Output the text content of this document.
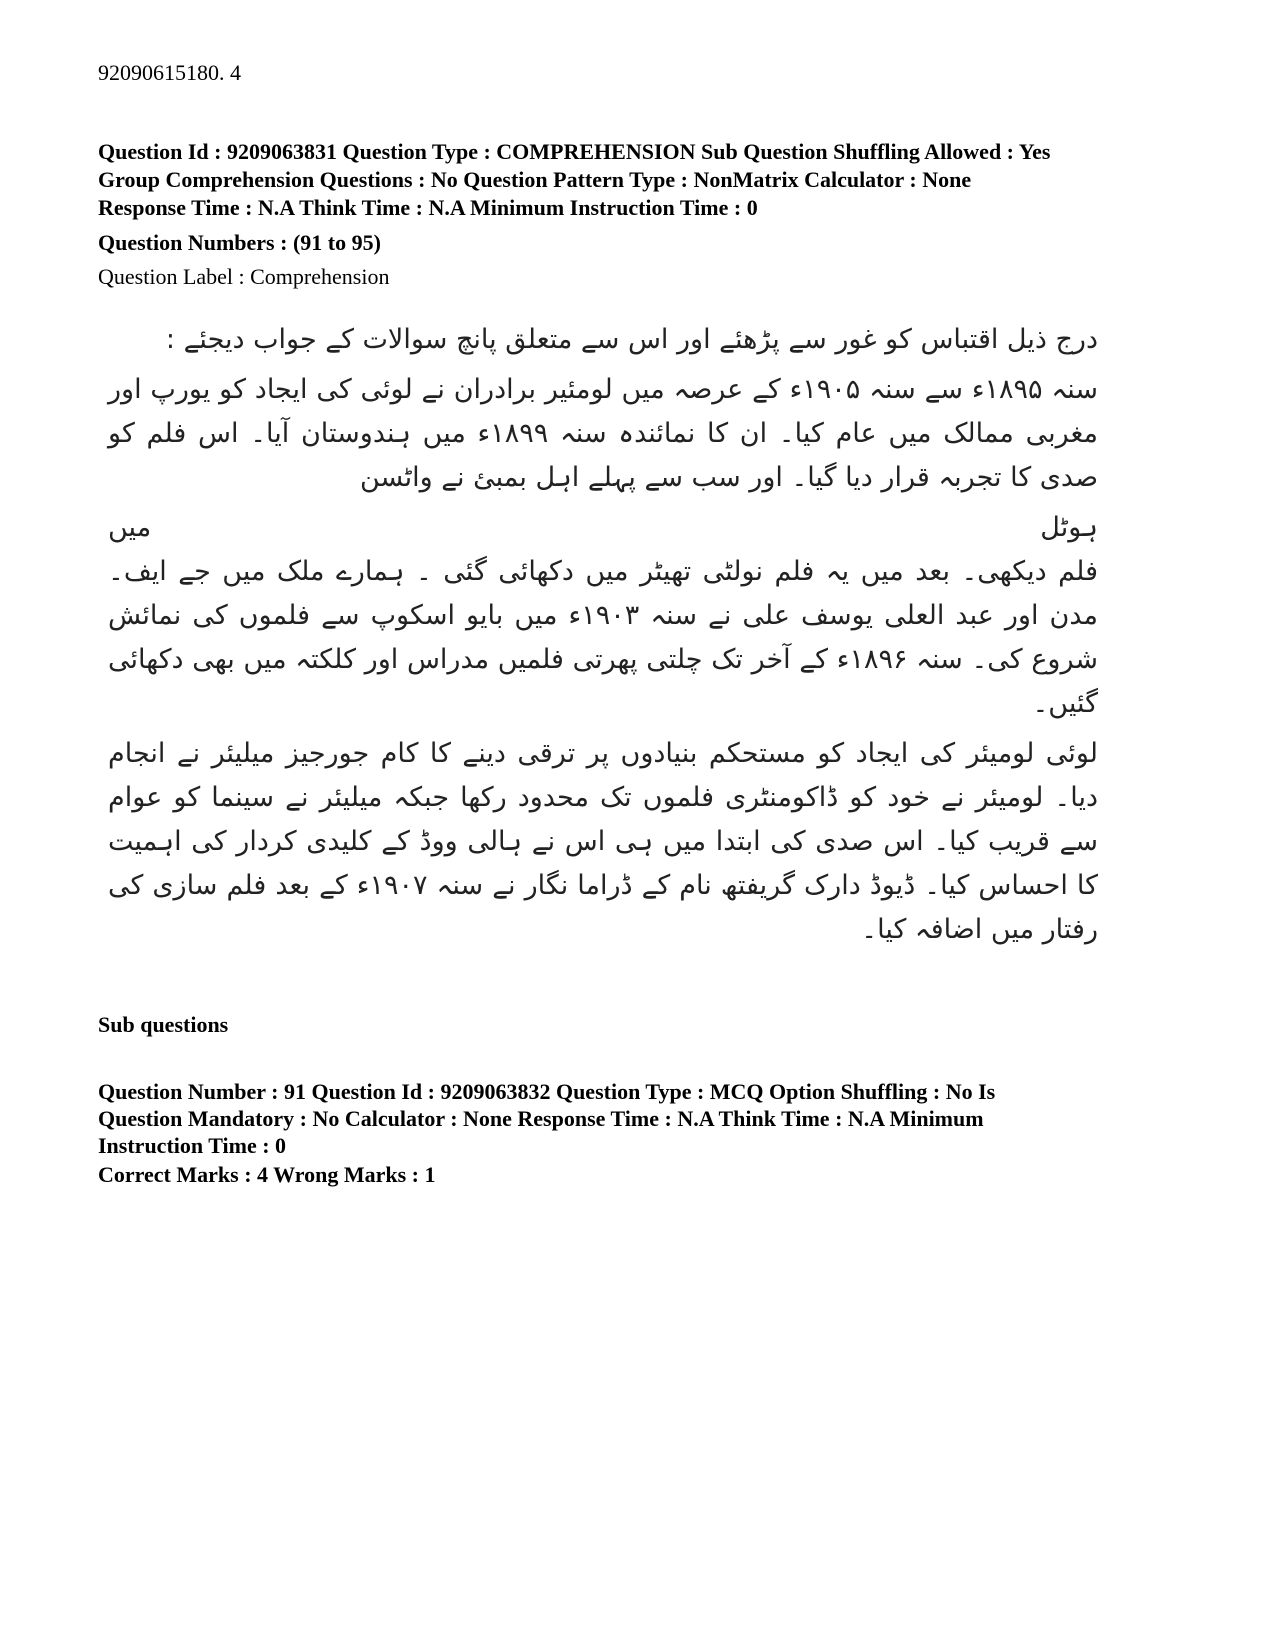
92090615180. 4
Question Id : 9209063831 Question Type : COMPREHENSION Sub Question Shuffling Allowed : Yes
Group Comprehension Questions : No Question Pattern Type : NonMatrix Calculator : None
Response Time : N.A Think Time : N.A Minimum Instruction Time : 0
Question Numbers : (91 to 95)
Question Label : Comprehension

درج ذیل اقتباس کو غور سے پڑھئے اور اس سے متعلق پانچ سوالات کے جواب دیجئے :

سنہ ۱۸۹۵ء سے سنہ ۱۹۰۵ء کے عرصہ میں لومئیر برادران نے لوئی کی ایجاد کو یورپ اور مغربی ممالک میں عام کیا۔ ان کا نمائندہ سنہ ۱۸۹۹ء میں ہندوستان آیا۔ اس فلم کو صدی کا تجربہ قرار دیا گیا۔ اور سب سے پہلے اہل بمبئ نے واٹسن

ہوٹل
میں

فلم دیکھی۔ بعد میں یہ فلم نولٹی تھیٹر میں دکھائی گئی ۔ ہمارے ملک میں جے ایف۔ مدن اور عبد العلی یوسف علی نے سنہ ۱۹۰۳ء میں بایو اسکوپ سے فلموں کی نمائش شروع کی۔ سنہ ۱۸۹۶ء کے آخر تک چلتی پھرتی فلمیں مدراس اور کلکتہ میں بھی دکھائی گئیں۔

لوئی لومیئر کی ایجاد کو مستحکم بنیادوں پر ترقی دینے کا کام جورجیز میلیئر نے انجام دیا۔ لومیئر نے خود کو ڈاکومنٹری فلموں تک محدود رکھا جبکہ میلیئر نے سینما کو عوام سے قریب کیا۔ اس صدی کی ابتدا میں ہی اس نے ہالی ووڈ کے کلیدی کردار کی اہمیت کا احساس کیا۔ ڈیوڈ دارک گریفتھ نام کے ڈراما نگار نے سنہ ۱۹۰۷ء کے بعد فلم سازی کی رفتار میں اضافہ کیا۔

Sub questions
Question Number : 91 Question Id : 9209063832 Question Type : MCQ Option Shuffling : No Is
Question Mandatory : No Calculator : None Response Time : N.A Think Time : N.A Minimum
Instruction Time : 0
Correct Marks : 4 Wrong Marks : 1
